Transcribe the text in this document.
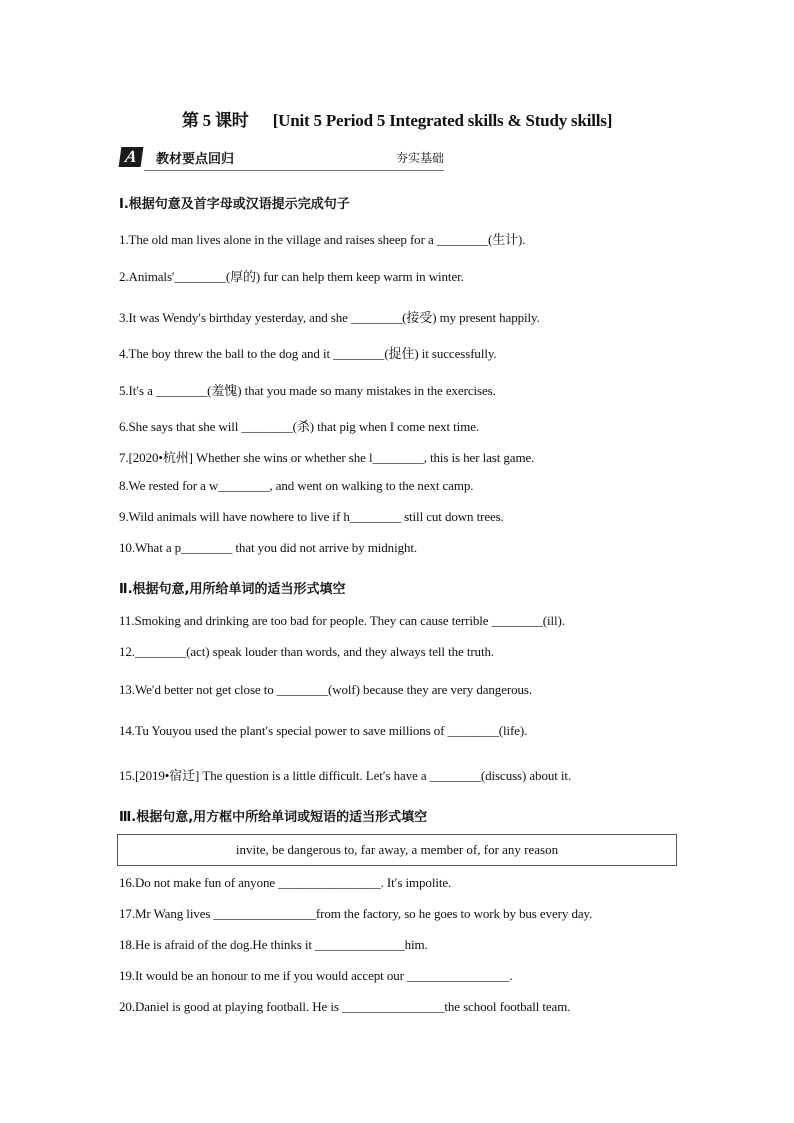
第 5 课时 [Unit 5 Period 5 Integrated skills & Study skills]
A	教材要点回归	夯实基础
Ⅰ.根据句意及首字母或汉语提示完成句子
1.The old man lives alone in the village and raises sheep for a ________(生计).
2.Animals′________(厚的) fur can help them keep warm in winter.
3.It was Wendy′s birthday yesterday, and she ________(接受) my present happily.
4.The boy threw the ball to the dog and it ________(捉住) it successfully.
5.It′s a ________(羞愧) that you made so many mistakes in the exercises.
6.She says that she will ________(杀) that pig when I come next time.
7.[2020•杭州] Whether she wins or whether she l________, this is her last game.
8.We rested for a w________, and went on walking to the next camp.
9.Wild animals will have nowhere to live if h________ still cut down trees.
10.What a p________ that you did not arrive by midnight.
Ⅱ.根据句意,用所给单词的适当形式填空
11.Smoking and drinking are too bad for people. They can cause terrible ________(ill).
12.________(act) speak louder than words, and they always tell the truth.
13.We′d better not get close to ________(wolf) because they are very dangerous.
14.Tu Youyou used the plant′s special power to save millions of ________(life).
15.[2019•宿迁] The question is a little difficult. Let′s have a ________(discuss) about it.
Ⅲ.根据句意,用方框中所给单词或短语的适当形式填空
invite, be dangerous to, far away, a member of, for any reason
16.Do not make fun of anyone ________________. It′s impolite.
17.Mr Wang lives ________________from the factory, so he goes to work by bus every day.
18.He is afraid of the dog.He thinks it ______________him.
19.It would be an honour to me if you would accept our ________________.
20.Daniel is good at playing football. He is ________________the school football team.
